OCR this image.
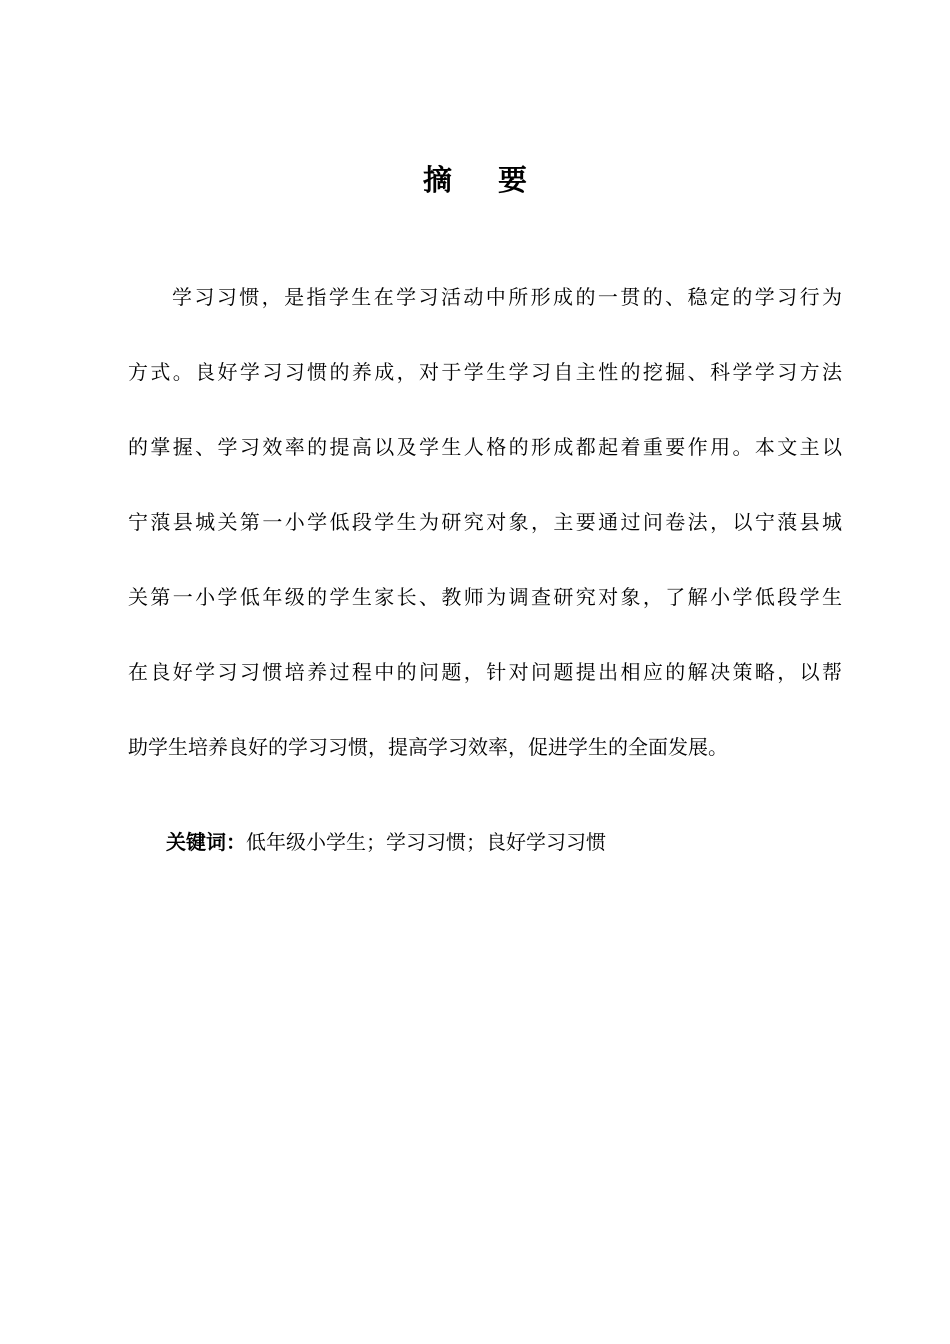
摘 要
学习习惯，是指学生在学习活动中所形成的一贯的、稳定的学习行为
方式。良好学习习惯的养成，对于学生学习自主性的挖掘、科学学习方法
的掌握、学习效率的提高以及学生人格的形成都起着重要作用。本文主以
宁蒗县城关第一小学低段学生为研究对象，主要通过问卷法，以宁蒗县城
关第一小学低年级的学生家长、教师为调查研究对象，了解小学低段学生
在良好学习习惯培养过程中的问题，针对问题提出相应的解决策略，以帮
助学生培养良好的学习习惯，提高学习效率，促进学生的全面发展。
关键词：低年级小学生；学习习惯；良好学习习惯
